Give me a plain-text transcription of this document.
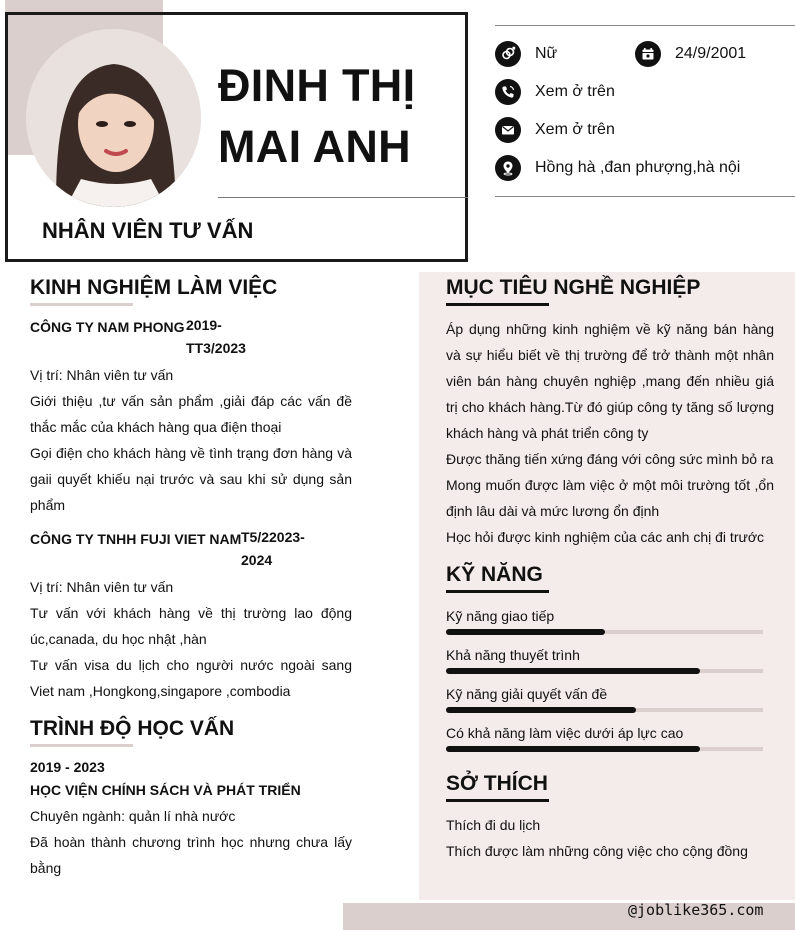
ĐINH THỊ
MAI ANH
NHÂN VIÊN TƯ VẤN
Nữ	24/9/2001
Xem ở trên
Xem ở trên
Hồng hà ,đan phượng,hà nội
@joblike365.com
KINH NGHIỆM LÀM VIỆC
CÔNG TY NAM PHONG 2019-
TT3/2023
Vị trí: Nhân viên tư vấn
Giới thiệu ,tư vấn sản phẩm ,giải đáp các vấn đề thắc mắc của khách hàng qua điện thoại
Gọi điện cho khách hàng về tình trạng đơn hàng và gaii quyết khiếu nại trước và sau khi sử dụng sản phẩm
CÔNG TY TNHH FUJI VIET NAM T5/22023-
2024
Vị trí: Nhân viên tư vấn
Tư vấn với khách hàng về thị trường lao động úc,canada, du học nhật ,hàn
Tư vấn visa du lịch cho người nước ngoài sang Viet nam ,Hongkong,singapore ,combodia
TRÌNH ĐỘ HỌC VẤN
2019 - 2023
HỌC VIỆN CHÍNH SÁCH VÀ PHÁT TRIỂN
Chuyên ngành: quản lí nhà nước
Đã hoàn thành chương trình học nhưng chưa lấy bằng
MỤC TIÊU NGHỀ NGHIỆP
Áp dụng những kinh nghiệm về kỹ năng bán hàng và sự hiểu biết về thị trường để trở thành một nhân viên bán hàng chuyên nghiệp ,mang đến nhiều giá trị cho khách hàng.Từ đó giúp công ty tăng số lượng khách hàng và phát triển công ty
Được thăng tiến xứng đáng với công sức mình bỏ ra
Mong muốn được làm việc ở một môi trường tốt ,ổn định lâu dài và mức lương ổn định
Học hỏi được kinh nghiệm của các anh chị đi trước
KỸ NĂNG
Kỹ năng giao tiếp
Khả năng thuyết trình
Kỹ năng giải quyết vấn đề
Có khả năng làm việc dưới áp lực cao
SỞ THÍCH
Thích đi du lịch
Thích được làm những công việc cho cộng đồng
